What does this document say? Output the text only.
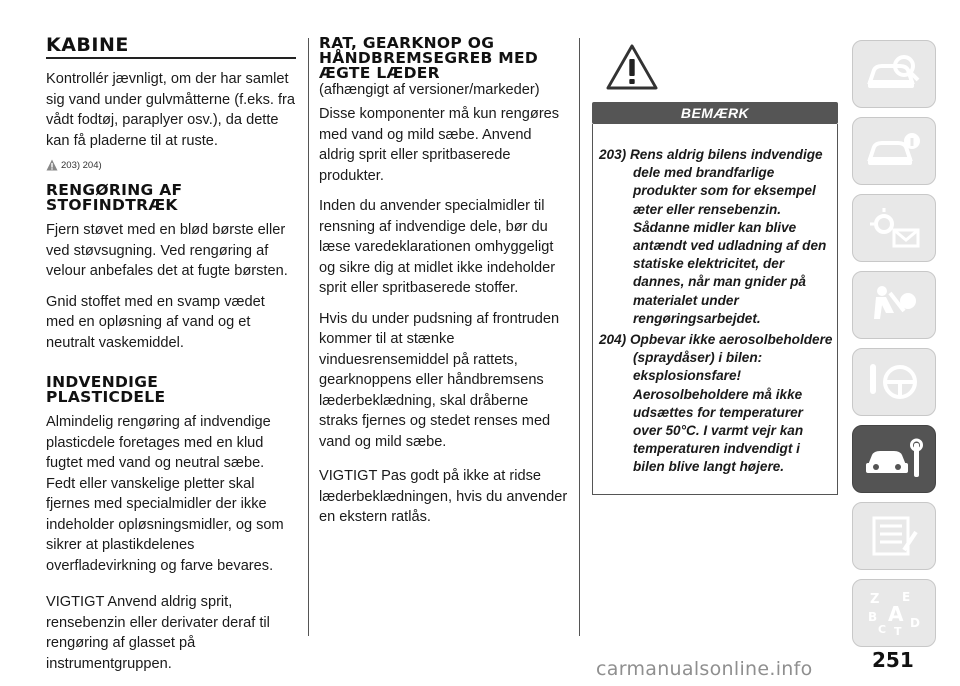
KABINE

Kontrollér jævnligt, om der har samlet sig vand under gulvmåtterne (f.eks. fra vådt fodtøj, paraplyer osv.), da dette kan få pladerne til at ruste.

203) 204)
RENGØRING AF
STOFINDTRÆK

Fjern støvet med en blød børste eller ved støvsugning. Ved rengøring af velour anbefales det at fugte børsten.

Gnid stoffet med en svamp vædet med en opløsning af vand og et neutralt vaskemiddel.

INDVENDIGE
PLASTICDELE

Almindelig rengøring af indvendige plasticdele foretages med en klud fugtet med vand og neutral sæbe. Fedt eller vanskelige pletter skal fjernes med specialmidler der ikke indeholder opløsningsmidler, og som sikrer at plastikdelenes overfladevirkning og farve bevares.

VIGTIGT Anvend aldrig sprit, rensebenzin eller derivater deraf til rengøring af glasset på instrumentgruppen.

RAT, GEARKNOP OG
HÅNDBREMSEGREB MED
ÆGTE LÆDER

(afhængigt af versioner/markeder)

Disse komponenter må kun rengøres med vand og mild sæbe. Anvend aldrig sprit eller spritbaserede produkter.

Inden du anvender specialmidler til rensning af indvendige dele, bør du læse varedeklarationen omhyggeligt og sikre dig at midlet ikke indeholder sprit eller spritbaserede stoffer.

Hvis du under pudsning af frontruden kommer til at stænke vinduesrensemiddel på rattets, gearknoppens eller håndbremsens læderbeklædning, skal dråberne straks fjernes og stedet renses med vand og mild sæbe.

VIGTIGT Pas godt på ikke at ridse læderbeklædningen, hvis du anvender en ekstern ratlås.

BEMÆRK
203) Rens aldrig bilens indvendige dele med brandfarlige produkter som for eksempel æter eller rensebenzin. Sådanne midler kan blive antændt ved udladning af den statiske elektricitet, der dannes, når man gnider på materialet under rengøringsarbejdet.
204) Opbevar ikke aerosolbeholdere (spraydåser) i bilen: eksplosionsfare! Aerosolbeholdere må ikke udsættes for temperaturer over 50°C. I varmt vejr kan temperaturen indvendigt i bilen blive langt højere.
Z E
A
B	D
C T
251
carmanualsonline.info
